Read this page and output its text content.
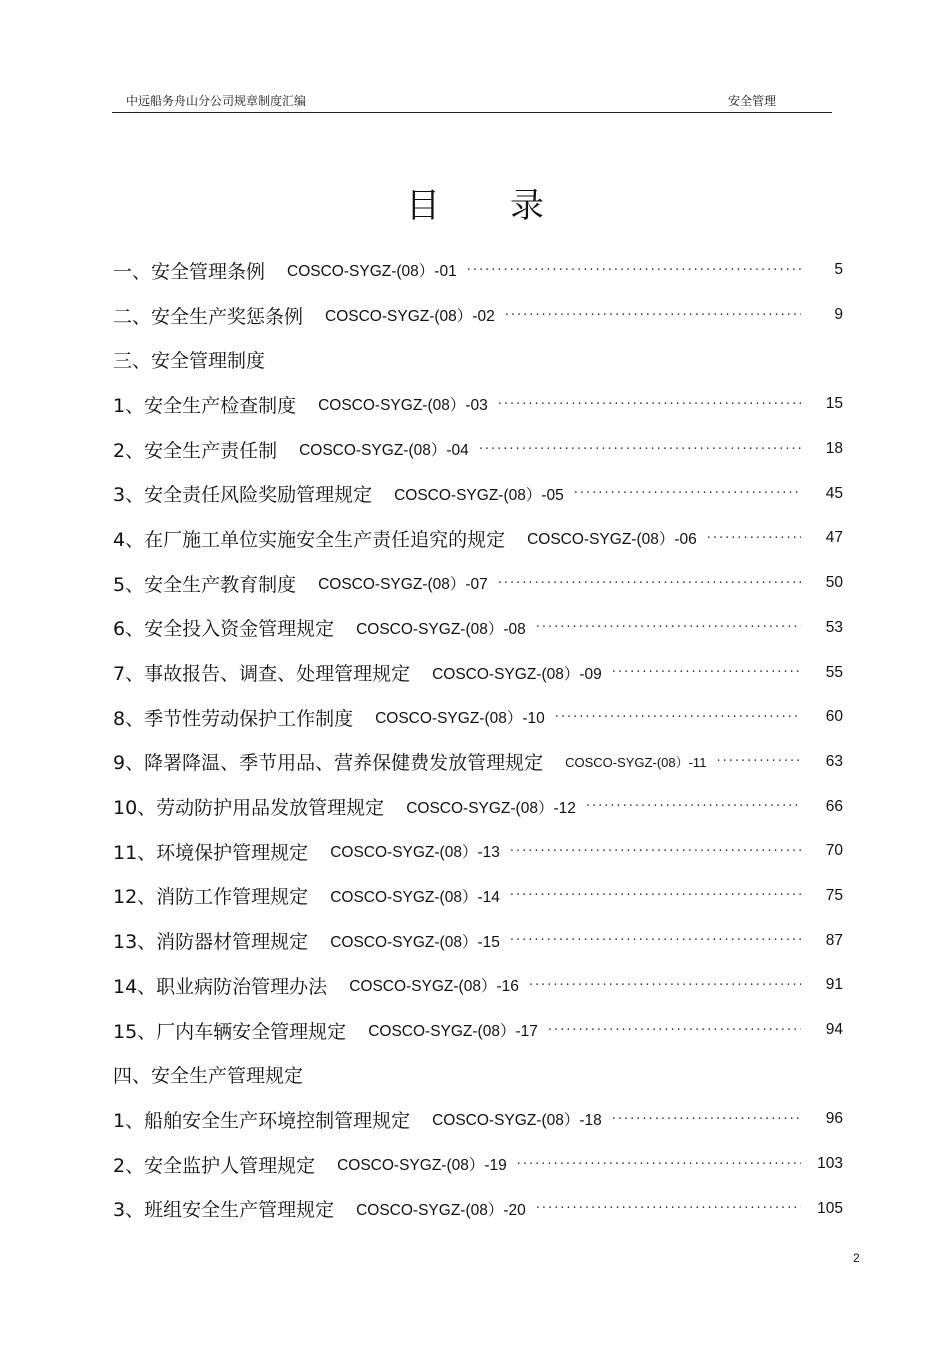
中远船务舟山分公司规章制度汇编	安全管理
目录
一、安全管理条例 COSCO-SYGZ-(08）-01 ·····	5
二、安全生产奖惩条例 COSCO-SYGZ-(08）-02 ·····	9
三、安全管理制度
1、安全生产检查制度 COSCO-SYGZ-(08）-03 ·····	15
2、安全生产责任制 COSCO-SYGZ-(08）-04 ·····	18
3、安全责任风险奖励管理规定 COSCO-SYGZ-(08）-05 ·····	45
4、在厂施工单位实施安全生产责任追究的规定 COSCO-SYGZ-(08）-06 ·····	47
5、安全生产教育制度 COSCO-SYGZ-(08）-07 ·····	50
6、安全投入资金管理规定 COSCO-SYGZ-(08）-08 ·····	53
7、事故报告、调查、处理管理规定 COSCO-SYGZ-(08）-09 ·····	55
8、季节性劳动保护工作制度 COSCO-SYGZ-(08）-10 ·····	60
9、降署降温、季节用品、营养保健费发放管理规定 COSCO-SYGZ-(08）-11 ·····	63
10、劳动防护用品发放管理规定 COSCO-SYGZ-(08）-12 ·····	66
11、环境保护管理规定 COSCO-SYGZ-(08）-13 ·····	70
12、消防工作管理规定 COSCO-SYGZ-(08）-14 ·····	75
13、消防器材管理规定 COSCO-SYGZ-(08）-15 ·····	87
14、职业病防治管理办法 COSCO-SYGZ-(08）-16 ·····	91
15、厂内车辆安全管理规定 COSCO-SYGZ-(08）-17 ·····	94
四、安全生产管理规定
1、船舶安全生产环境控制管理规定 COSCO-SYGZ-(08）-18 ·····	96
2、安全监护人管理规定 COSCO-SYGZ-(08）-19 ·····	103
3、班组安全生产管理规定 COSCO-SYGZ-(08）-20 ·····	105
2
